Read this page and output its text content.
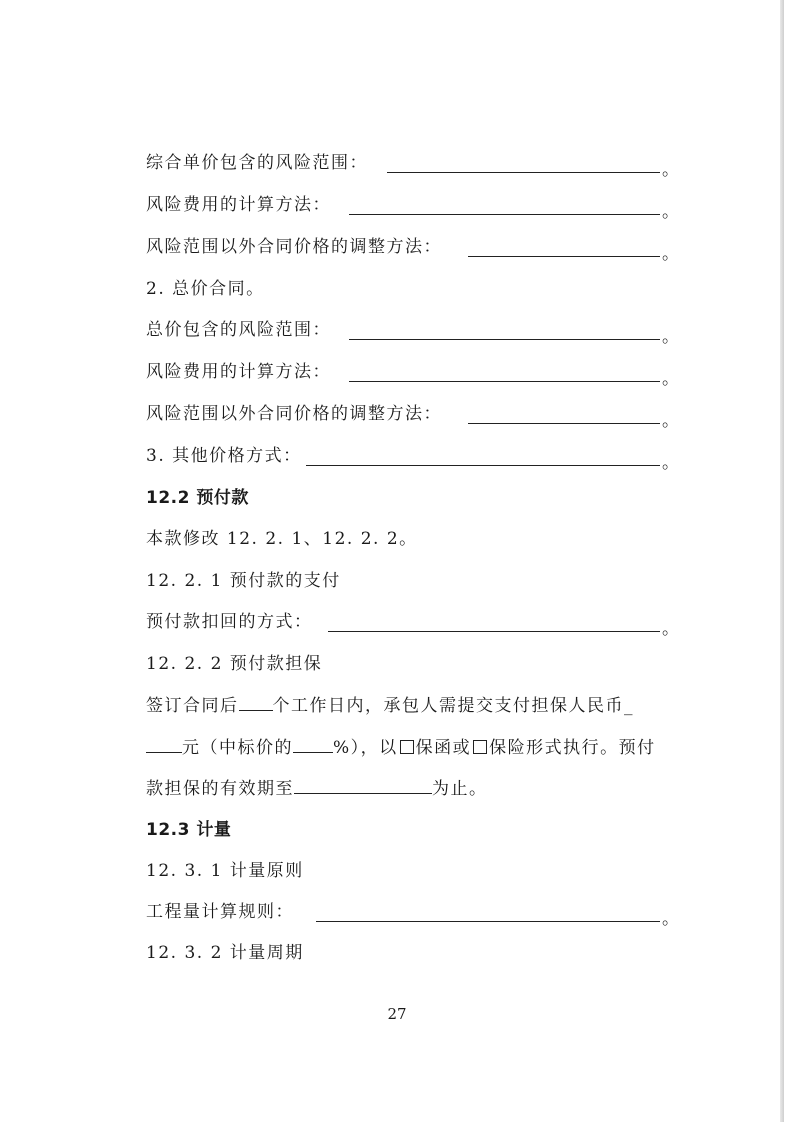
综合单价包含的风险范围：	。
风险费用的计算方法：	。
风险范围以外合同价格的调整方法：	。
2. 总价合同。
总价包含的风险范围：	。
风险费用的计算方法：	。
风险范围以外合同价格的调整方法：	。
3. 其他价格方式：	。
12.2 预付款
本款修改 12. 2. 1、12. 2. 2。
12. 2. 1 预付款的支付
预付款扣回的方式：	。
12. 2. 2 预付款担保
签订合同后 个工作日内，承包人需提交支付担保人民币_
元（中标价的 %），以 保函或 保险形式执行。预付
款担保的有效期至	为止。
12.3 计量
12. 3. 1 计量原则
工程量计算规则：	。
12. 3. 2 计量周期
27
